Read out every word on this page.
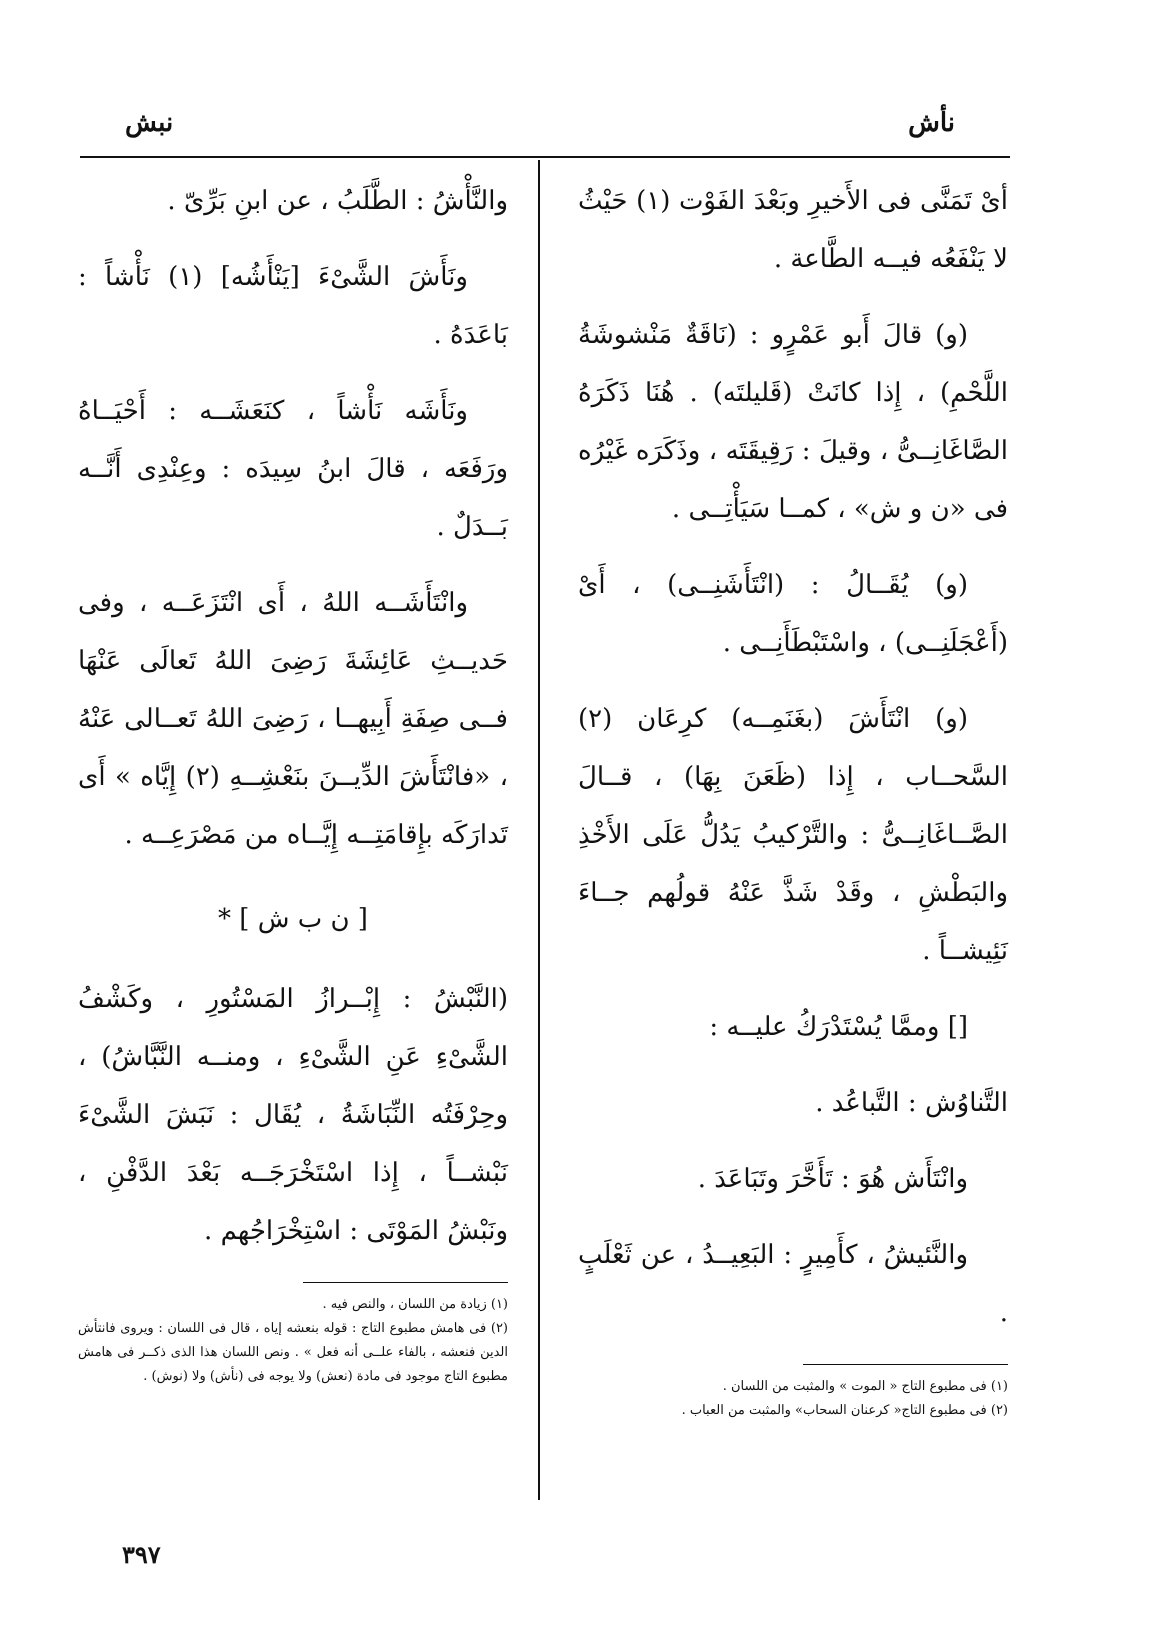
نأش
نبش

أىْ تَمَنَّى فى الأَخيرِ وبَعْدَ الفَوْت (١) حَيْثُ لا يَنْفَعُه فيــه الطَّاعة .

(و) قالَ أَبو عَمْرٍو : (نَاقَةٌ مَنْشوشَةُ اللَّحْمِ) ، إِذا كانَتْ (قَليلتَه) . هُنَا ذَكَرَهُ الصَّاغَانِــىُّ ، وقيلَ : رَقِيقَتَه ، وذَكَرَه غَيْرُه فى «ن و ش» ، كمــا سَيَأْتِــى .

(و) يُقَــالُ : (انْتَأَشَنِــى) ، أَىْ (أَعْجَلَنِــى) ، واسْتَبْطَأَنِــى .

(و) انْتَأَشَ (بغَنَمِــه) كرِعَان (٢) السَّحــاب ، إِذا (ظَعَنَ بِهَا) ، قــالَ الصَّــاغَانِــىُّ : والتَّرْكيبُ يَدُلُّ عَلَى الأَخْذِ والبَطْشِ ، وقَدْ شَذَّ عَنْهُ قولُهم جــاءَ نَئِيشــاً .

[] وممَّا يُسْتَدْرَكُ عليــه :

التَّناوُش : التَّباعُد .

وانْتَأَش هُوَ : تَأَخَّرَ وتَبَاعَدَ .

والنَّئيشُ ، كأَمِيرٍ : البَعِيــدُ ، عن ثَعْلَبٍ .

(١) فى مطبوع التاج « الموت » والمثبت من اللسان .

(٢) فى مطبوع التاج« كرعنان السحاب» والمثبت من العباب .

والنَّأْشُ : الطَّلَبُ ، عن ابنِ بَرِّىّ .

ونَأَشَ الشَّىْءَ [يَنْأَشُه] (١) نَأْشاً : بَاعَدَهُ .

ونَأَشَه نَأْشاً ، كنَعَشَــه : أَحْيَــاهُ ورَفَعَه ، قالَ ابنُ سِيدَه : وعِنْدِى أَنَّــه بَــدَلٌ .

وانْتَأَشَــه اللهُ ، أَى انْتَزَعَــه ، وفى حَديــثِ عَائِشَةَ رَضِىَ اللهُ تَعالَى عَنْهَا فــى صِفَةِ أَبِيهــا ، رَضِىَ اللهُ تَعــالى عَنْهُ ، «فانْتَأَشَ الدِّيــنَ بنَعْشِــهِ (٢) إِيَّاه » أَى تَدارَكَه بإِقامَتِــه إِيَّــاه من مَصْرَعِــه .

[ ن ب ش ] *

(النَّبْشُ : إِبْــرازُ المَسْتُورِ ، وكَشْفُ الشَّىْءِ عَنِ الشَّىْءِ ، ومنــه النَّبَّاشُ) ، وحِرْفَتُه النِّبَاشَةُ ، يُقَال : نَبَشَ الشَّىْءَ نَبْشــاً ، إِذا اسْتَخْرَجَــه بَعْدَ الدَّفْنِ ، ونَبْشُ المَوْتَى : اسْتِخْرَاجُهم .

(١) زيادة من اللسان ، والنص فيه .

(٢) فى هامش مطبوع التاج : قوله بنعشه إياه ، قال فى اللسان : ويروى فانتأش الدين فنعشه ، بالفاء علــى أنه فعل » . ونص اللسان هذا الذى ذكــر فى هامش مطبوع التاج موجود فى مادة (نعش) ولا يوجه فى (نأش) ولا (نوش) .

٣٩٧
